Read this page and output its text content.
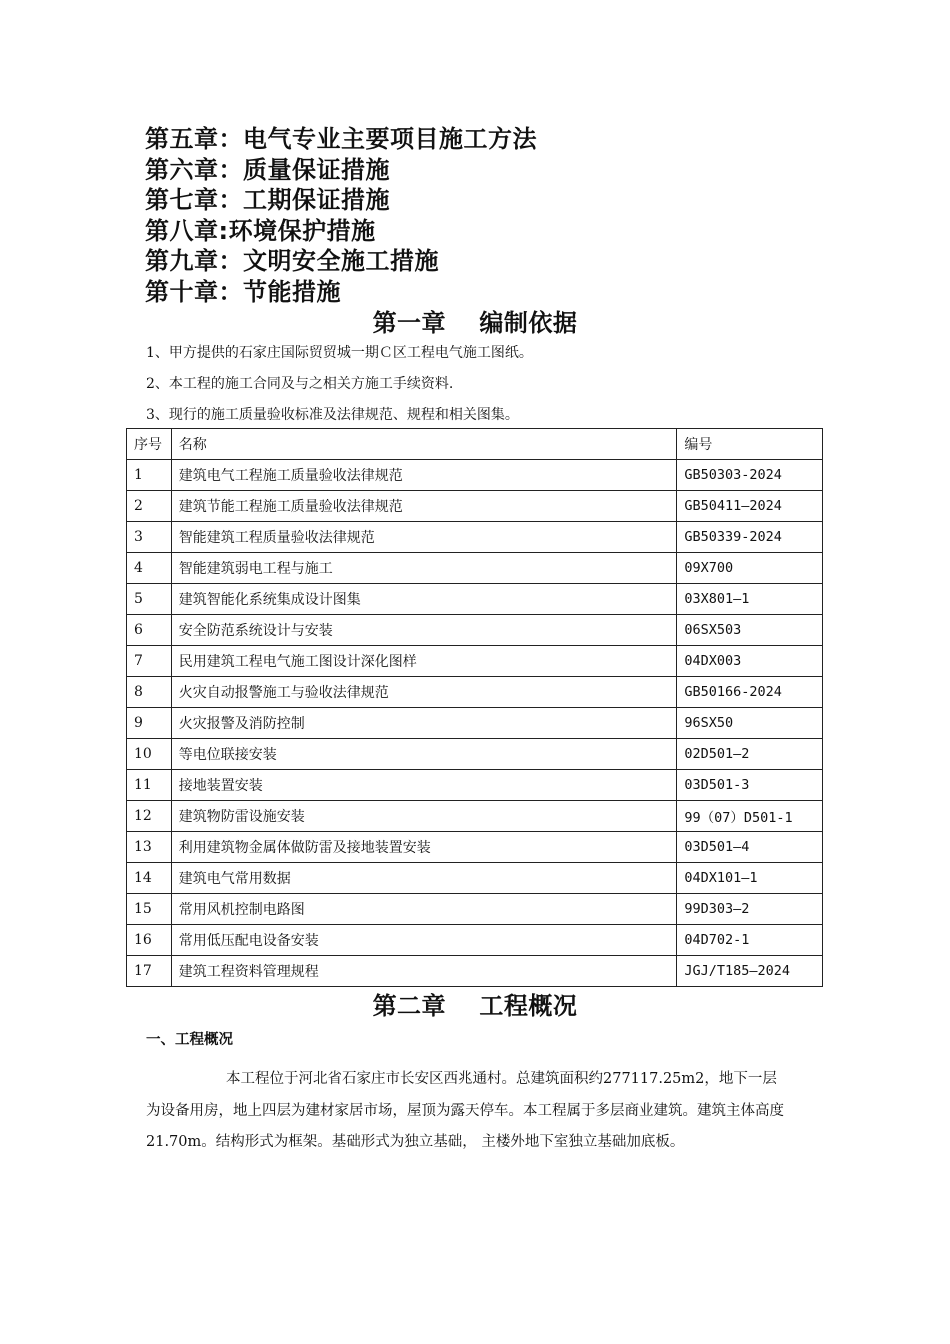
第五章：电气专业主要项目施工方法
第六章：质量保证措施
第七章：工期保证措施
第八章:环境保护措施
第九章：文明安全施工措施
第十章：节能措施
第一章　 编制依据
1、甲方提供的石家庄国际贸贸城一期Ｃ区工程电气施工图纸。
2、本工程的施工合同及与之相关方施工手续资料.
3、现行的施工质量验收标准及法律规范、规程和相关图集。
序号	名称	编号
1	建筑电气工程施工质量验收法律规范	GB50303-2024
2	建筑节能工程施工质量验收法律规范	GB50411—2024
3	智能建筑工程质量验收法律规范	GB50339-2024
4	智能建筑弱电工程与施工	09X700
5	建筑智能化系统集成设计图集	03X801—1
6	安全防范系统设计与安装	06SX503
7	民用建筑工程电气施工图设计深化图样	04DX003
8	火灾自动报警施工与验收法律规范	GB50166-2024
9	火灾报警及消防控制	96SX50
10	等电位联接安装	02D501—2
11	接地装置安装	03D501-3
12	建筑物防雷设施安装	99（07）D501-1
13	利用建筑物金属体做防雷及接地装置安装	03D501—4
14	建筑电气常用数据	04DX101—1
15	常用风机控制电路图	99D303—2
16	常用低压配电设备安装	04D702-1
17	建筑工程资料管理规程	JGJ/T185—2024
第二章　 工程概况
一、工程概况
本工程位于河北省石家庄市长安区西兆通村。总建筑面积约277117.25m2，地下一层为设备用房，地上四层为建材家居市场，屋顶为露天停车。本工程属于多层商业建筑。建筑主体高度21.70m。结构形式为框架。基础形式为独立基础， 主楼外地下室独立基础加底板。
